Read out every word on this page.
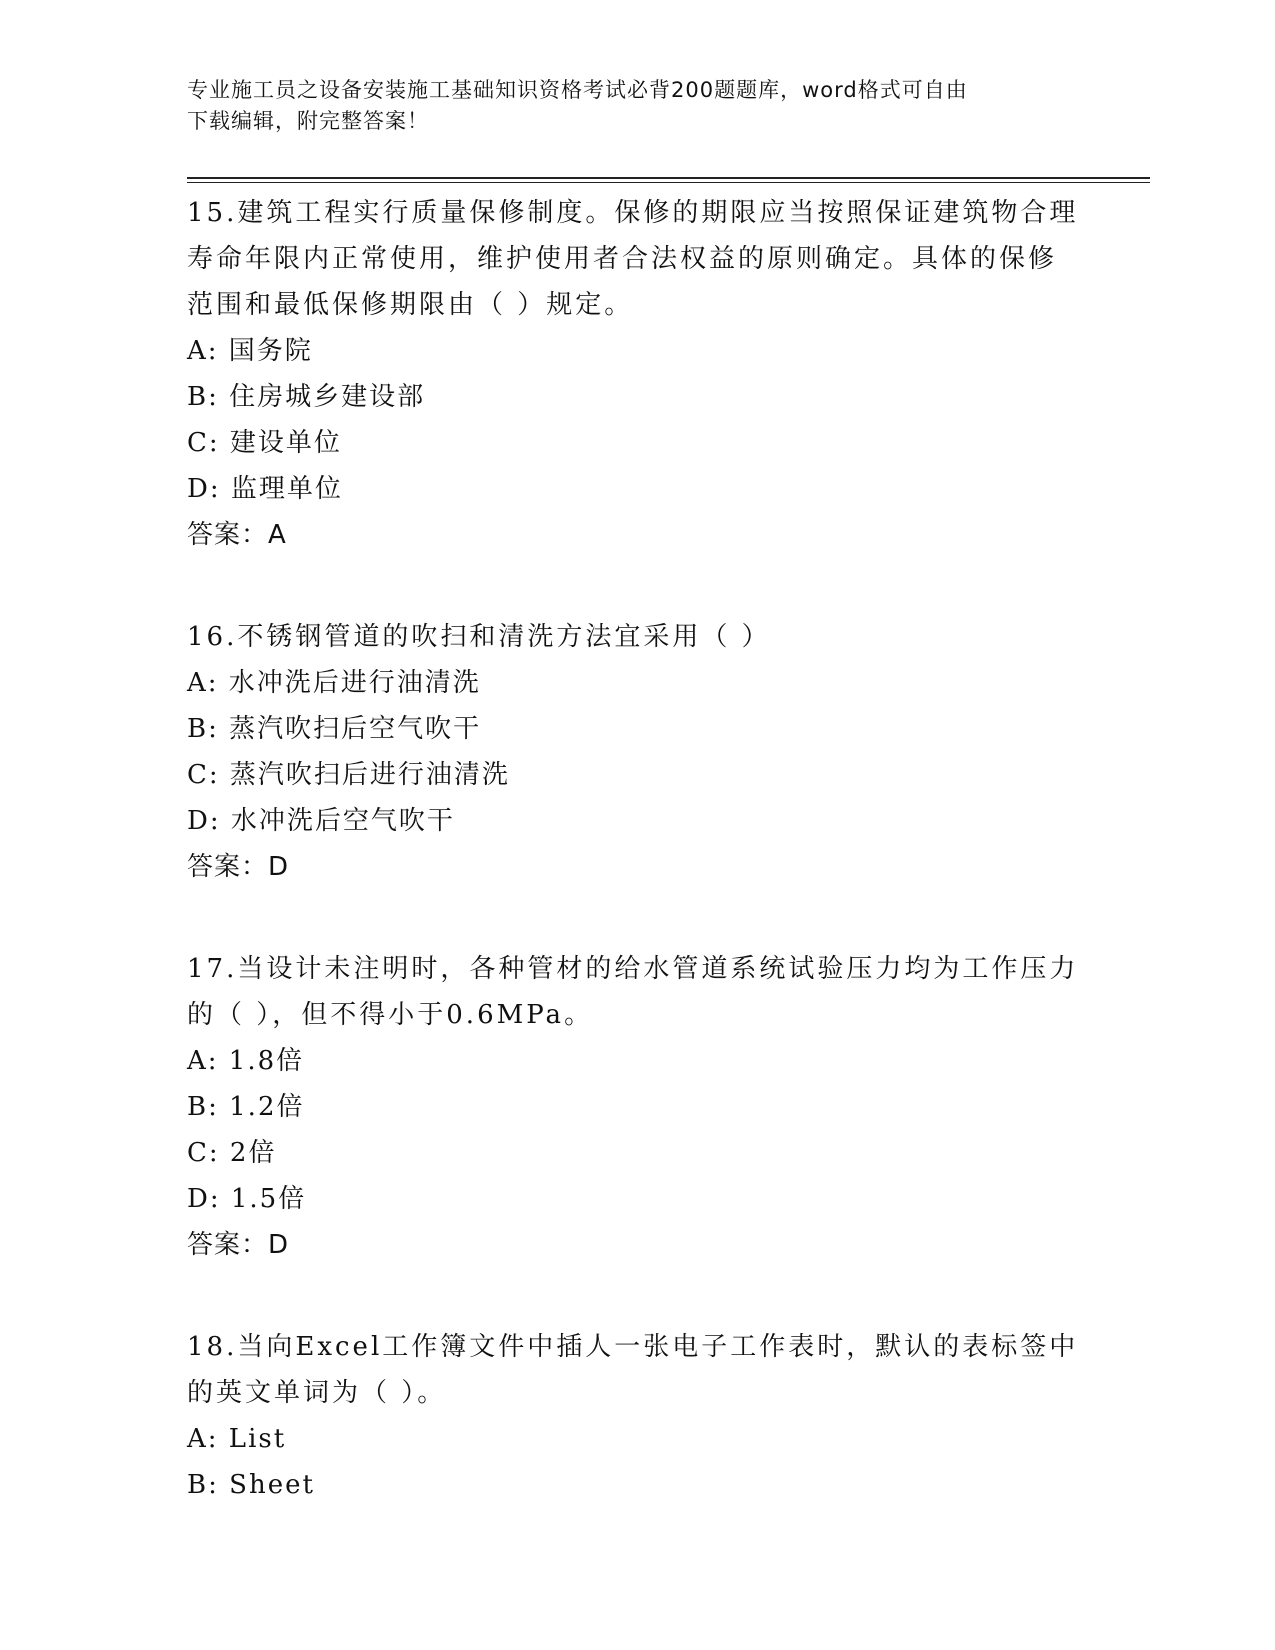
专业施工员之设备安装施工基础知识资格考试必背200题题库，word格式可自由
下载编辑，附完整答案！
15.建筑工程实行质量保修制度。保修的期限应当按照保证建筑物合理
寿命年限内正常使用，维护使用者合法权益的原则确定。具体的保修
范围和最低保修期限由（ ）规定。
A: 国务院
B: 住房城乡建设部
C: 建设单位
D: 监理单位
答案：A
16.不锈钢管道的吹扫和清洗方法宜采用（ ）
A: 水冲洗后进行油清洗
B: 蒸汽吹扫后空气吹干
C: 蒸汽吹扫后进行油清洗
D: 水冲洗后空气吹干
答案：D
17.当设计未注明时，各种管材的给水管道系统试验压力均为工作压力
的（ ），但不得小于0.6MPa。
A: 1.8倍
B: 1.2倍
C: 2倍
D: 1.5倍
答案：D
18.当向Excel工作簿文件中插人一张电子工作表时，默认的表标签中
的英文单词为（ ）。
A: List
B: Sheet
